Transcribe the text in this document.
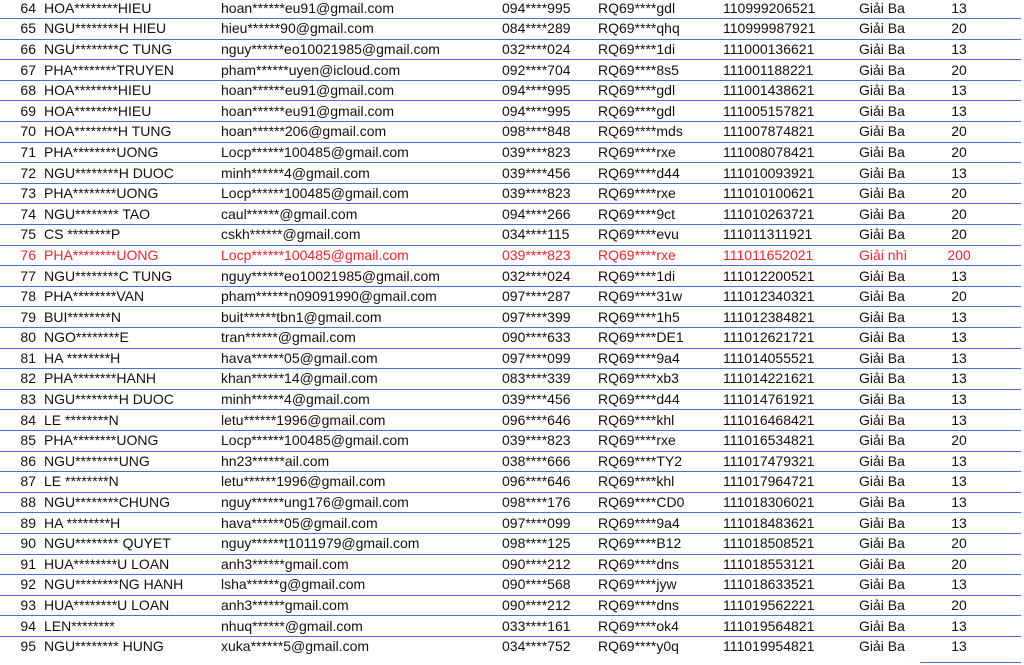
64	HOA********HIEU	hoan******eu91@gmail.com	094****995	RQ69****gdl	110999206521	Giải Ba	13
65	NGU********H HIEU	hieu******90@gmail.com	084****289	RQ69****qhq	110999987921	Giải Ba	20
66	NGU********C TUNG	nguy******eo10021985@gmail.com	032****024	RQ69****1di	111000136621	Giải Ba	13
67	PHA********TRUYEN	pham******uyen@icloud.com	092****704	RQ69****8s5	111001188221	Giải Ba	20
68	HOA********HIEU	hoan******eu91@gmail.com	094****995	RQ69****gdl	111001438621	Giải Ba	13
69	HOA********HIEU	hoan******eu91@gmail.com	094****995	RQ69****gdl	111005157821	Giải Ba	13
70	HOA********H TUNG	hoan******206@gmail.com	098****848	RQ69****mds	111007874821	Giải Ba	20
71	PHA********UONG	Locp******100485@gmail.com	039****823	RQ69****rxe	111008078421	Giải Ba	20
72	NGU********H DUOC	minh******4@gmail.com	039****456	RQ69****d44	111010093921	Giải Ba	13
73	PHA********UONG	Locp******100485@gmail.com	039****823	RQ69****rxe	111010100621	Giải Ba	20
74	NGU******** TAO	caul******@gmail.com	094****266	RQ69****9ct	111010263721	Giải Ba	20
75	CS ********P	cskh******@gmail.com	034****115	RQ69****evu	111011311921	Giải Ba	20
76	PHA********UONG	Locp******100485@gmail.com	039****823	RQ69****rxe	111011652021	Giải nhì	200
77	NGU********C TUNG	nguy******eo10021985@gmail.com	032****024	RQ69****1di	111012200521	Giải Ba	13
78	PHA********VAN	pham******n09091990@gmail.com	097****287	RQ69****31w	111012340321	Giải Ba	20
79	BUI********N	buit******tbn1@gmail.com	097****399	RQ69****1h5	111012384821	Giải Ba	13
80	NGO********E	tran******@gmail.com	090****633	RQ69****DE1	111012621721	Giải Ba	13
81	HA ********H	hava******05@gmail.com	097****099	RQ69****9a4	111014055521	Giải Ba	13
82	PHA********HANH	khan******14@gmail.com	083****339	RQ69****xb3	111014221621	Giải Ba	13
83	NGU********H DUOC	minh******4@gmail.com	039****456	RQ69****d44	111014761921	Giải Ba	13
84	LE ********N	letu******1996@gmail.com	096****646	RQ69****khl	111016468421	Giải Ba	13
85	PHA********UONG	Locp******100485@gmail.com	039****823	RQ69****rxe	111016534821	Giải Ba	20
86	NGU********UNG	hn23******ail.com	038****666	RQ69****TY2	111017479321	Giải Ba	13
87	LE ********N	letu******1996@gmail.com	096****646	RQ69****khl	111017964721	Giải Ba	13
88	NGU********CHUNG	nguy******ung176@gmail.com	098****176	RQ69****CD0	111018306021	Giải Ba	13
89	HA ********H	hava******05@gmail.com	097****099	RQ69****9a4	111018483621	Giải Ba	13
90	NGU******** QUYET	nguy******t1011979@gmail.com	098****125	RQ69****B12	111018508521	Giải Ba	20
91	HUA********U LOAN	anh3******gmail.com	090****212	RQ69****dns	111018553121	Giải Ba	20
92	NGU********NG HANH	lsha******g@gmail.com	090****568	RQ69****jyw	111018633521	Giải Ba	13
93	HUA********U LOAN	anh3******gmail.com	090****212	RQ69****dns	111019562221	Giải Ba	20
94	LEN********	nhuq******@gmail.com	033****161	RQ69****ok4	111019564821	Giải Ba	13
95	NGU******** HUNG	xuka******5@gmail.com	034****752	RQ69****y0q	111019954821	Giải Ba	13
